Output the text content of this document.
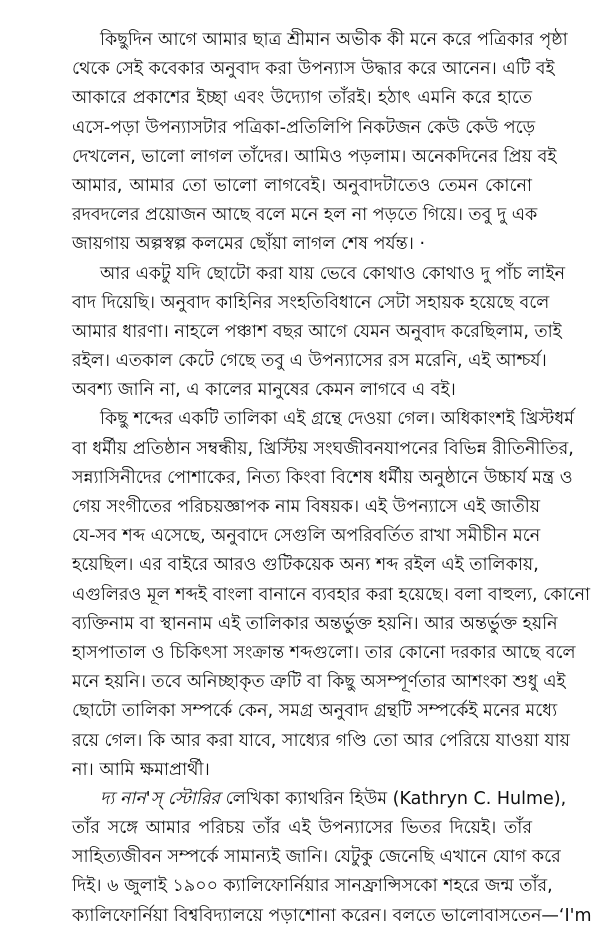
কিছুদিন আগে আমার ছাত্র শ্রীমান অভীক কী মনে করে পত্রিকার পৃষ্ঠা
থেকে সেই কবেকার অনুবাদ করা উপন্যাস উদ্ধার করে আনেন। এটি বই
আকারে প্রকাশের ইচ্ছা এবং উদ্যোগ তাঁরই। হঠাৎ এমনি করে হাতে
এসে-পড়া উপন্যাসটার পত্রিকা-প্রতিলিপি নিকটজন কেউ কেউ পড়ে
দেখলেন, ভালো লাগল তাঁদের। আমিও পড়লাম। অনেকদিনের প্রিয় বই
আমার, আমার তো ভালো লাগবেই। অনুবাদটাতেও তেমন কোনো
রদবদলের প্রয়োজন আছে বলে মনে হল না পড়তে গিয়ে। তবু দু এক
জায়গায় অল্পস্বল্প কলমের ছোঁয়া লাগল শেষ পর্যন্ত। ·
আর একটু যদি ছোটো করা যায় ভেবে কোথাও কোথাও দু পাঁচ লাইন
বাদ দিয়েছি। অনুবাদ কাহিনির সংহতিবিধানে সেটা সহায়ক হয়েছে বলে
আমার ধারণা। নাহলে পঞ্চাশ বছর আগে যেমন অনুবাদ করেছিলাম, তাই
রইল। এতকাল কেটে গেছে তবু এ উপন্যাসের রস মরেনি, এই আশ্চর্য।
অবশ্য জানি না, এ কালের মানুষের কেমন লাগবে এ বই।
কিছু শব্দের একটি তালিকা এই গ্রন্থে দেওয়া গেল। অধিকাংশই খ্রিস্টধর্ম
বা ধর্মীয় প্রতিষ্ঠান সম্বন্ধীয়, খ্রিস্টিয় সংঘজীবনযাপনের বিভিন্ন রীতিনীতির,
সন্ন্যাসিনীদের পোশাকের, নিত্য কিংবা বিশেষ ধর্মীয় অনুষ্ঠানে উচ্চার্য মন্ত্র ও
গেয় সংগীতের পরিচয়জ্ঞাপক নাম বিষয়ক। এই উপন্যাসে এই জাতীয়
যে-সব শব্দ এসেছে, অনুবাদে সেগুলি অপরিবর্তিত রাখা সমীচীন মনে
হয়েছিল। এর বাইরে আরও গুটিকয়েক অন্য শব্দ রইল এই তালিকায়,
এগুলিরও মূল শব্দই বাংলা বানানে ব্যবহার করা হয়েছে। বলা বাহুল্য, কোনো
ব্যক্তিনাম বা স্থাননাম এই তালিকার অন্তর্ভুক্ত হয়নি। আর অন্তর্ভুক্ত হয়নি
হাসপাতাল ও চিকিৎসা সংক্রান্ত শব্দগুলো। তার কোনো দরকার আছে বলে
মনে হয়নি। তবে অনিচ্ছাকৃত ত্রুটি বা কিছু অসম্পূর্ণতার আশংকা শুধু এই
ছোটো তালিকা সম্পর্কে কেন, সমগ্র অনুবাদ গ্রন্থটি সম্পর্কেই মনের মধ্যে
রয়ে গেল। কি আর করা যাবে, সাধ্যের গণ্ডি তো আর পেরিয়ে যাওয়া যায়
না। আমি ক্ষমাপ্রার্থী।
দ্য নান'স্ স্টোরির লেখিকা ক্যাথরিন হিউম (Kathryn C. Hulme),
তাঁর সঙ্গে আমার পরিচয় তাঁর এই উপন্যাসের ভিতর দিয়েই। তাঁর
সাহিত্যজীবন সম্পর্কে সামান্যই জানি। যেটুকু জেনেছি এখানে যোগ করে
দিই। ৬ জুলাই ১৯০০ ক্যালিফোর্নিয়ার সানফ্রান্সিসকো শহরে জন্ম তাঁর,
ক্যালিফোর্নিয়া বিশ্ববিদ্যালয়ে পড়াশোনা করেন। বলতে ভালোবাসতেন—‘I'm
